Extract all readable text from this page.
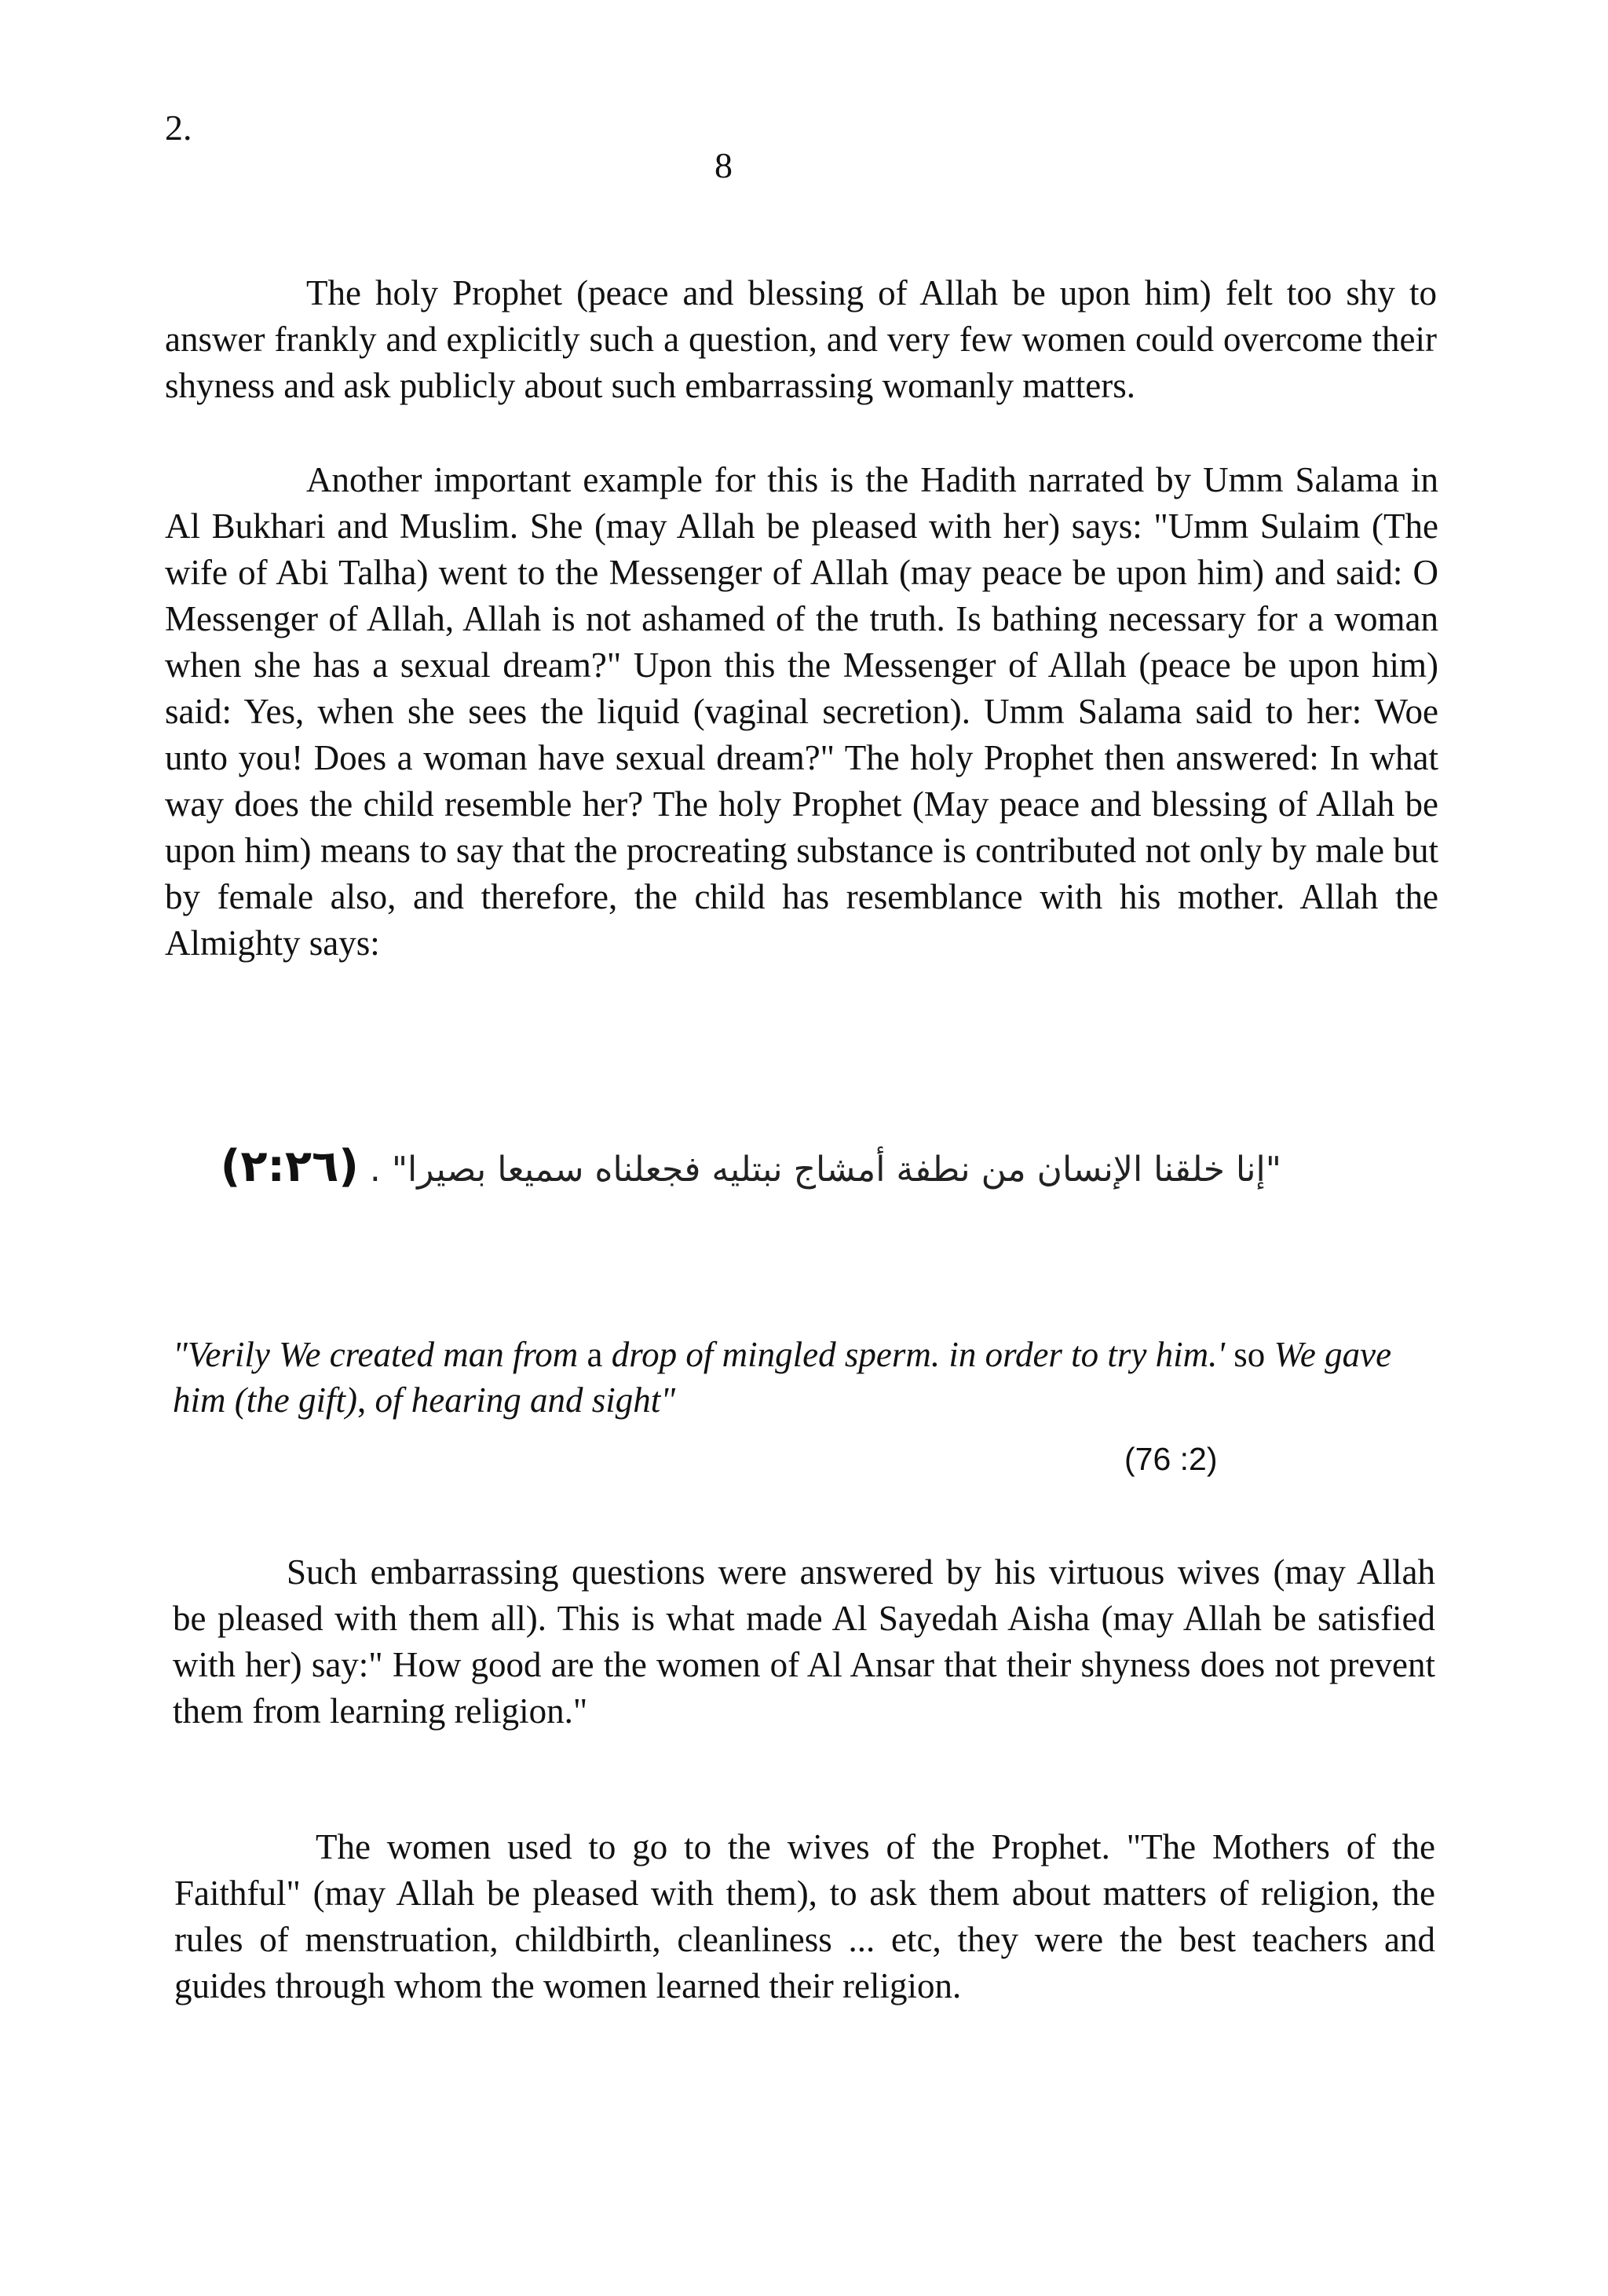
2.
8

The holy Prophet (peace and blessing of Allah be upon him) felt too shy to answer frankly and explicitly such a question, and very few women could overcome their shyness and ask publicly about such embarrassing womanly matters.

Another important example for this is the Hadith narrated by Umm Salama in Al Bukhari and Muslim. She (may Allah be pleased with her) says: "Umm Sulaim (The wife of Abi Talha) went to the Messenger of Allah (may peace be upon him) and said: O Messenger of Allah, Allah is not ashamed of the truth. Is bathing necessary for a woman when she has a sexual dream?" Upon this the Messenger of Allah (peace be upon him) said: Yes, when she sees the liquid (vaginal secretion). Umm Salama said to her: Woe unto you! Does a woman have sexual dream?" The holy Prophet then answered: In what way does the child resemble her? The holy Prophet (May peace and blessing of Allah be upon him) means to say that the procreating substance is contributed not only by male but by female also, and therefore, the child has resemblance with his mother. Allah the Almighty says:

"إنا خلقنا الإنسان من نطفة أمشاج نبتليه فجعلناه سميعا بصيرا" . (٢:٢٦)

"Verily We created man from a drop of mingled sperm. in order to try him.' so We gave him (the gift), of hearing and sight"

(76 :2)

Such embarrassing questions were answered by his virtuous wives (may Allah be pleased with them all). This is what made Al Sayedah Aisha (may Allah be satisfied with her) say:" How good are the women of Al Ansar that their shyness does not prevent them from learning religion."

The women used to go to the wives of the Prophet. "The Mothers of the Faithful" (may Allah be pleased with them), to ask them about matters of religion, the rules of menstruation, childbirth, cleanliness ... etc, they were the best teachers and guides through whom the women learned their religion.
